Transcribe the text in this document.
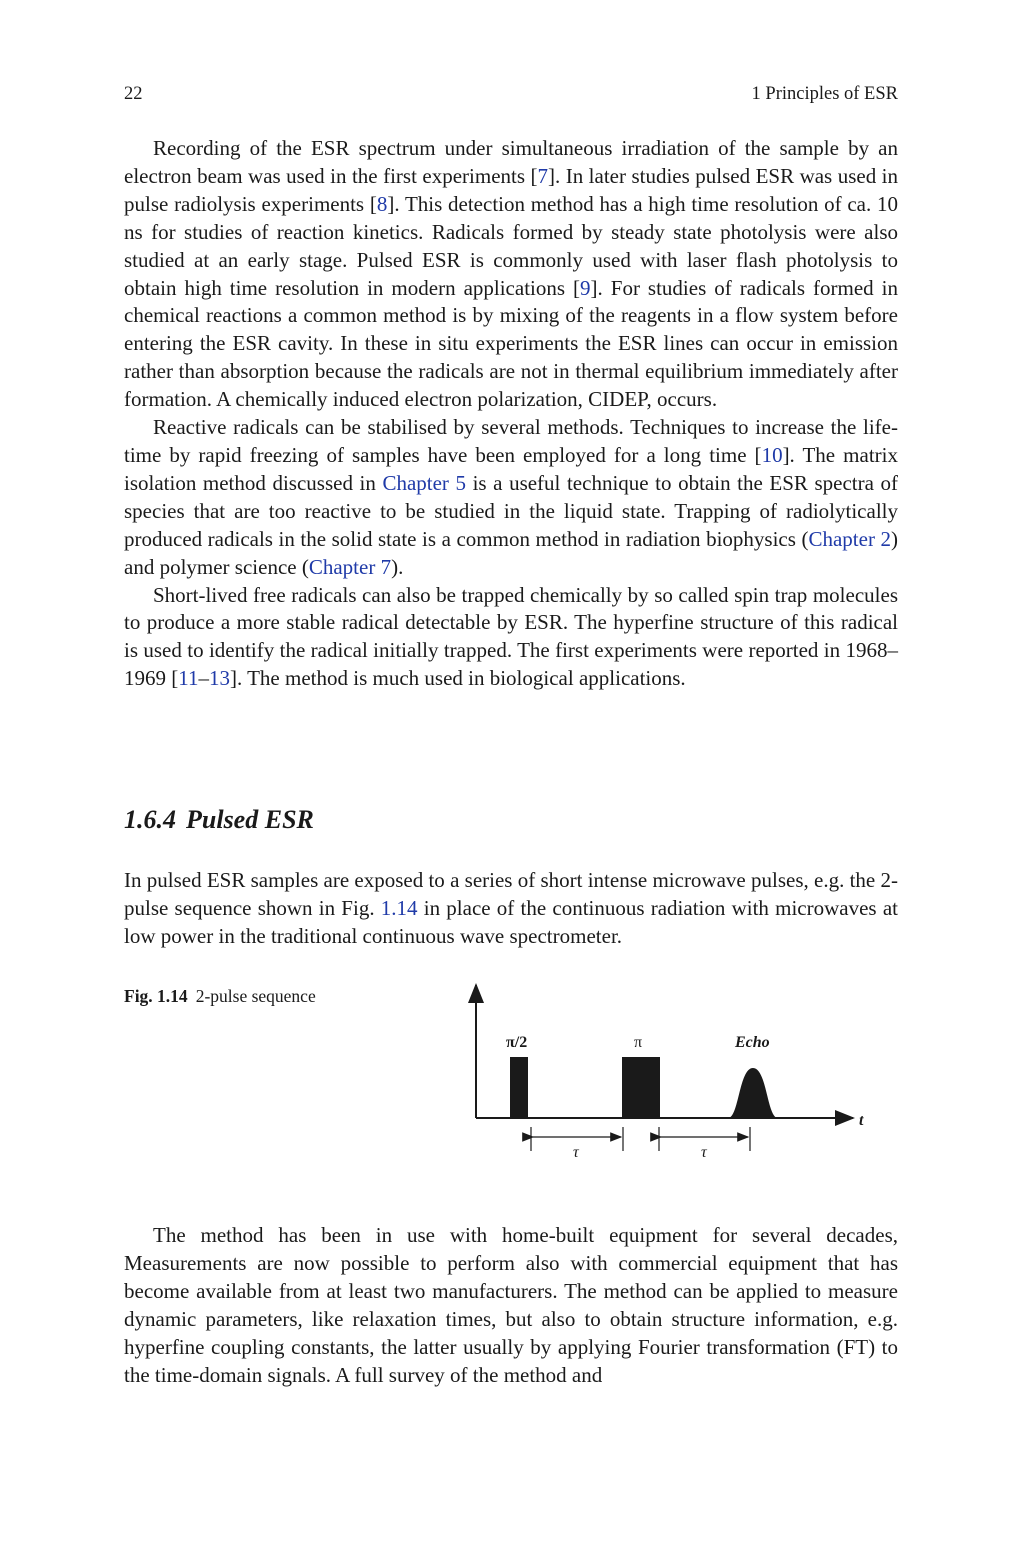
22	1 Principles of ESR

Recording of the ESR spectrum under simultaneous irradiation of the sample by an electron beam was used in the first experiments [7]. In later studies pulsed ESR was used in pulse radiolysis experiments [8]. This detection method has a high time resolution of ca. 10 ns for studies of reaction kinetics. Radicals formed by steady state photolysis were also studied at an early stage. Pulsed ESR is commonly used with laser flash photolysis to obtain high time resolution in modern applications [9]. For studies of radicals formed in chemical reactions a common method is by mixing of the reagents in a flow system before entering the ESR cavity. In these in situ experiments the ESR lines can occur in emission rather than absorption because the radicals are not in thermal equilibrium immediately after formation. A chemically induced electron polarization, CIDEP, occurs.

Reactive radicals can be stabilised by several methods. Techniques to increase the life-time by rapid freezing of samples have been employed for a long time [10]. The matrix isolation method discussed in Chapter 5 is a useful technique to obtain the ESR spectra of species that are too reactive to be studied in the liquid state. Trapping of radiolytically produced radicals in the solid state is a common method in radiation biophysics (Chapter 2) and polymer science (Chapter 7).

Short-lived free radicals can also be trapped chemically by so called spin trap molecules to produce a more stable radical detectable by ESR. The hyperfine structure of this radical is used to identify the radical initially trapped. The first experiments were reported in 1968–1969 [11–13]. The method is much used in biological applications.

1.6.4 Pulsed ESR

In pulsed ESR samples are exposed to a series of short intense microwave pulses, e.g. the 2-pulse sequence shown in Fig. 1.14 in place of the continuous radiation with microwaves at low power in the traditional continuous wave spectrometer.

Fig. 1.14 2-pulse sequence
π/2	π	Echo
t
τ	τ

The method has been in use with home-built equipment for several decades, Measurements are now possible to perform also with commercial equipment that has become available from at least two manufacturers. The method can be applied to measure dynamic parameters, like relaxation times, but also to obtain structure information, e.g. hyperfine coupling constants, the latter usually by applying Fourier transformation (FT) to the time-domain signals. A full survey of the method and
